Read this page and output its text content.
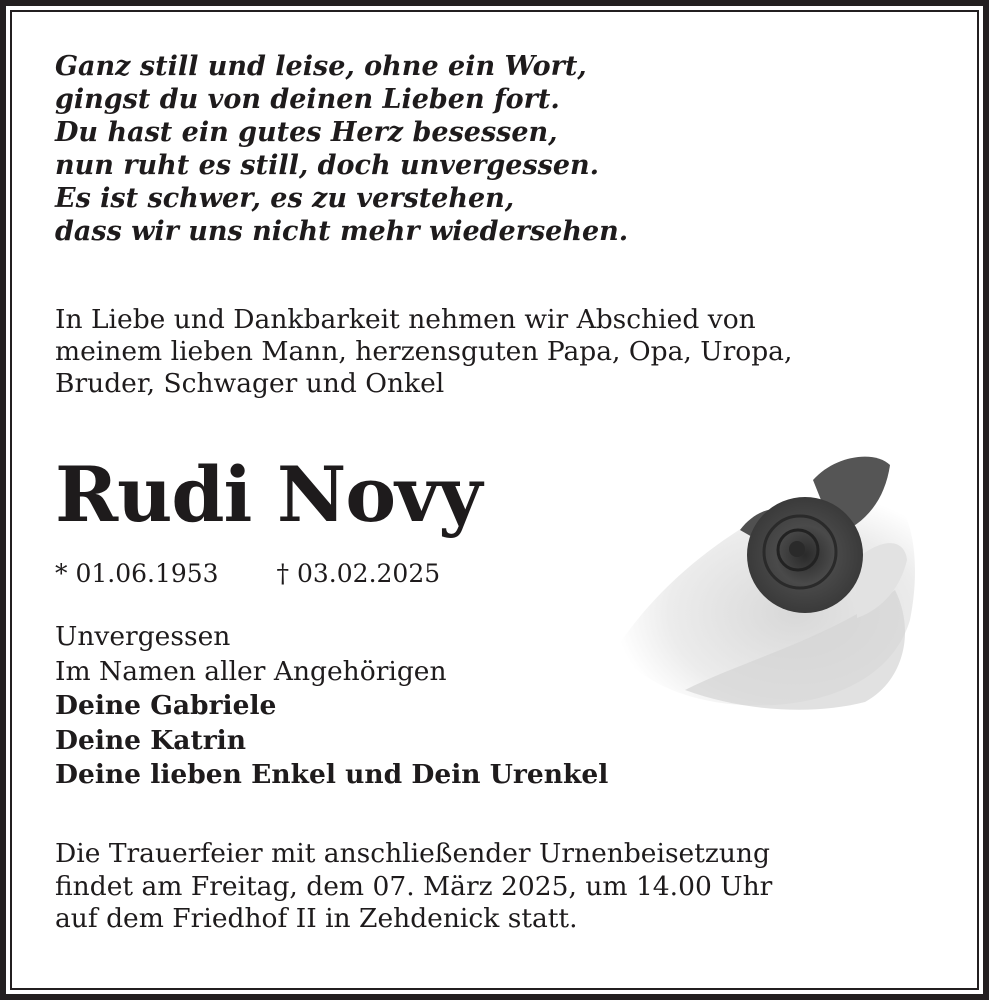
Ganz still und leise, ohne ein Wort,
gingst du von deinen Lieben fort.
Du hast ein gutes Herz besessen,
nun ruht es still, doch unvergessen.
Es ist schwer, es zu verstehen,
dass wir uns nicht mehr wiedersehen.
In Liebe und Dankbarkeit nehmen wir Abschied von
meinem lieben Mann, herzensguten Papa, Opa, Uropa,
Bruder, Schwager und Onkel
Rudi Novy
* 01.06.1953 † 03.02.2025
Unvergessen
Im Namen aller Angehörigen
Deine Gabriele
Deine Katrin
Deine lieben Enkel und Dein Urenkel
Die Trauerfeier mit anschließender Urnenbeisetzung
findet am Freitag, dem 07. März 2025, um 14.00 Uhr
auf dem Friedhof II in Zehdenick statt.
